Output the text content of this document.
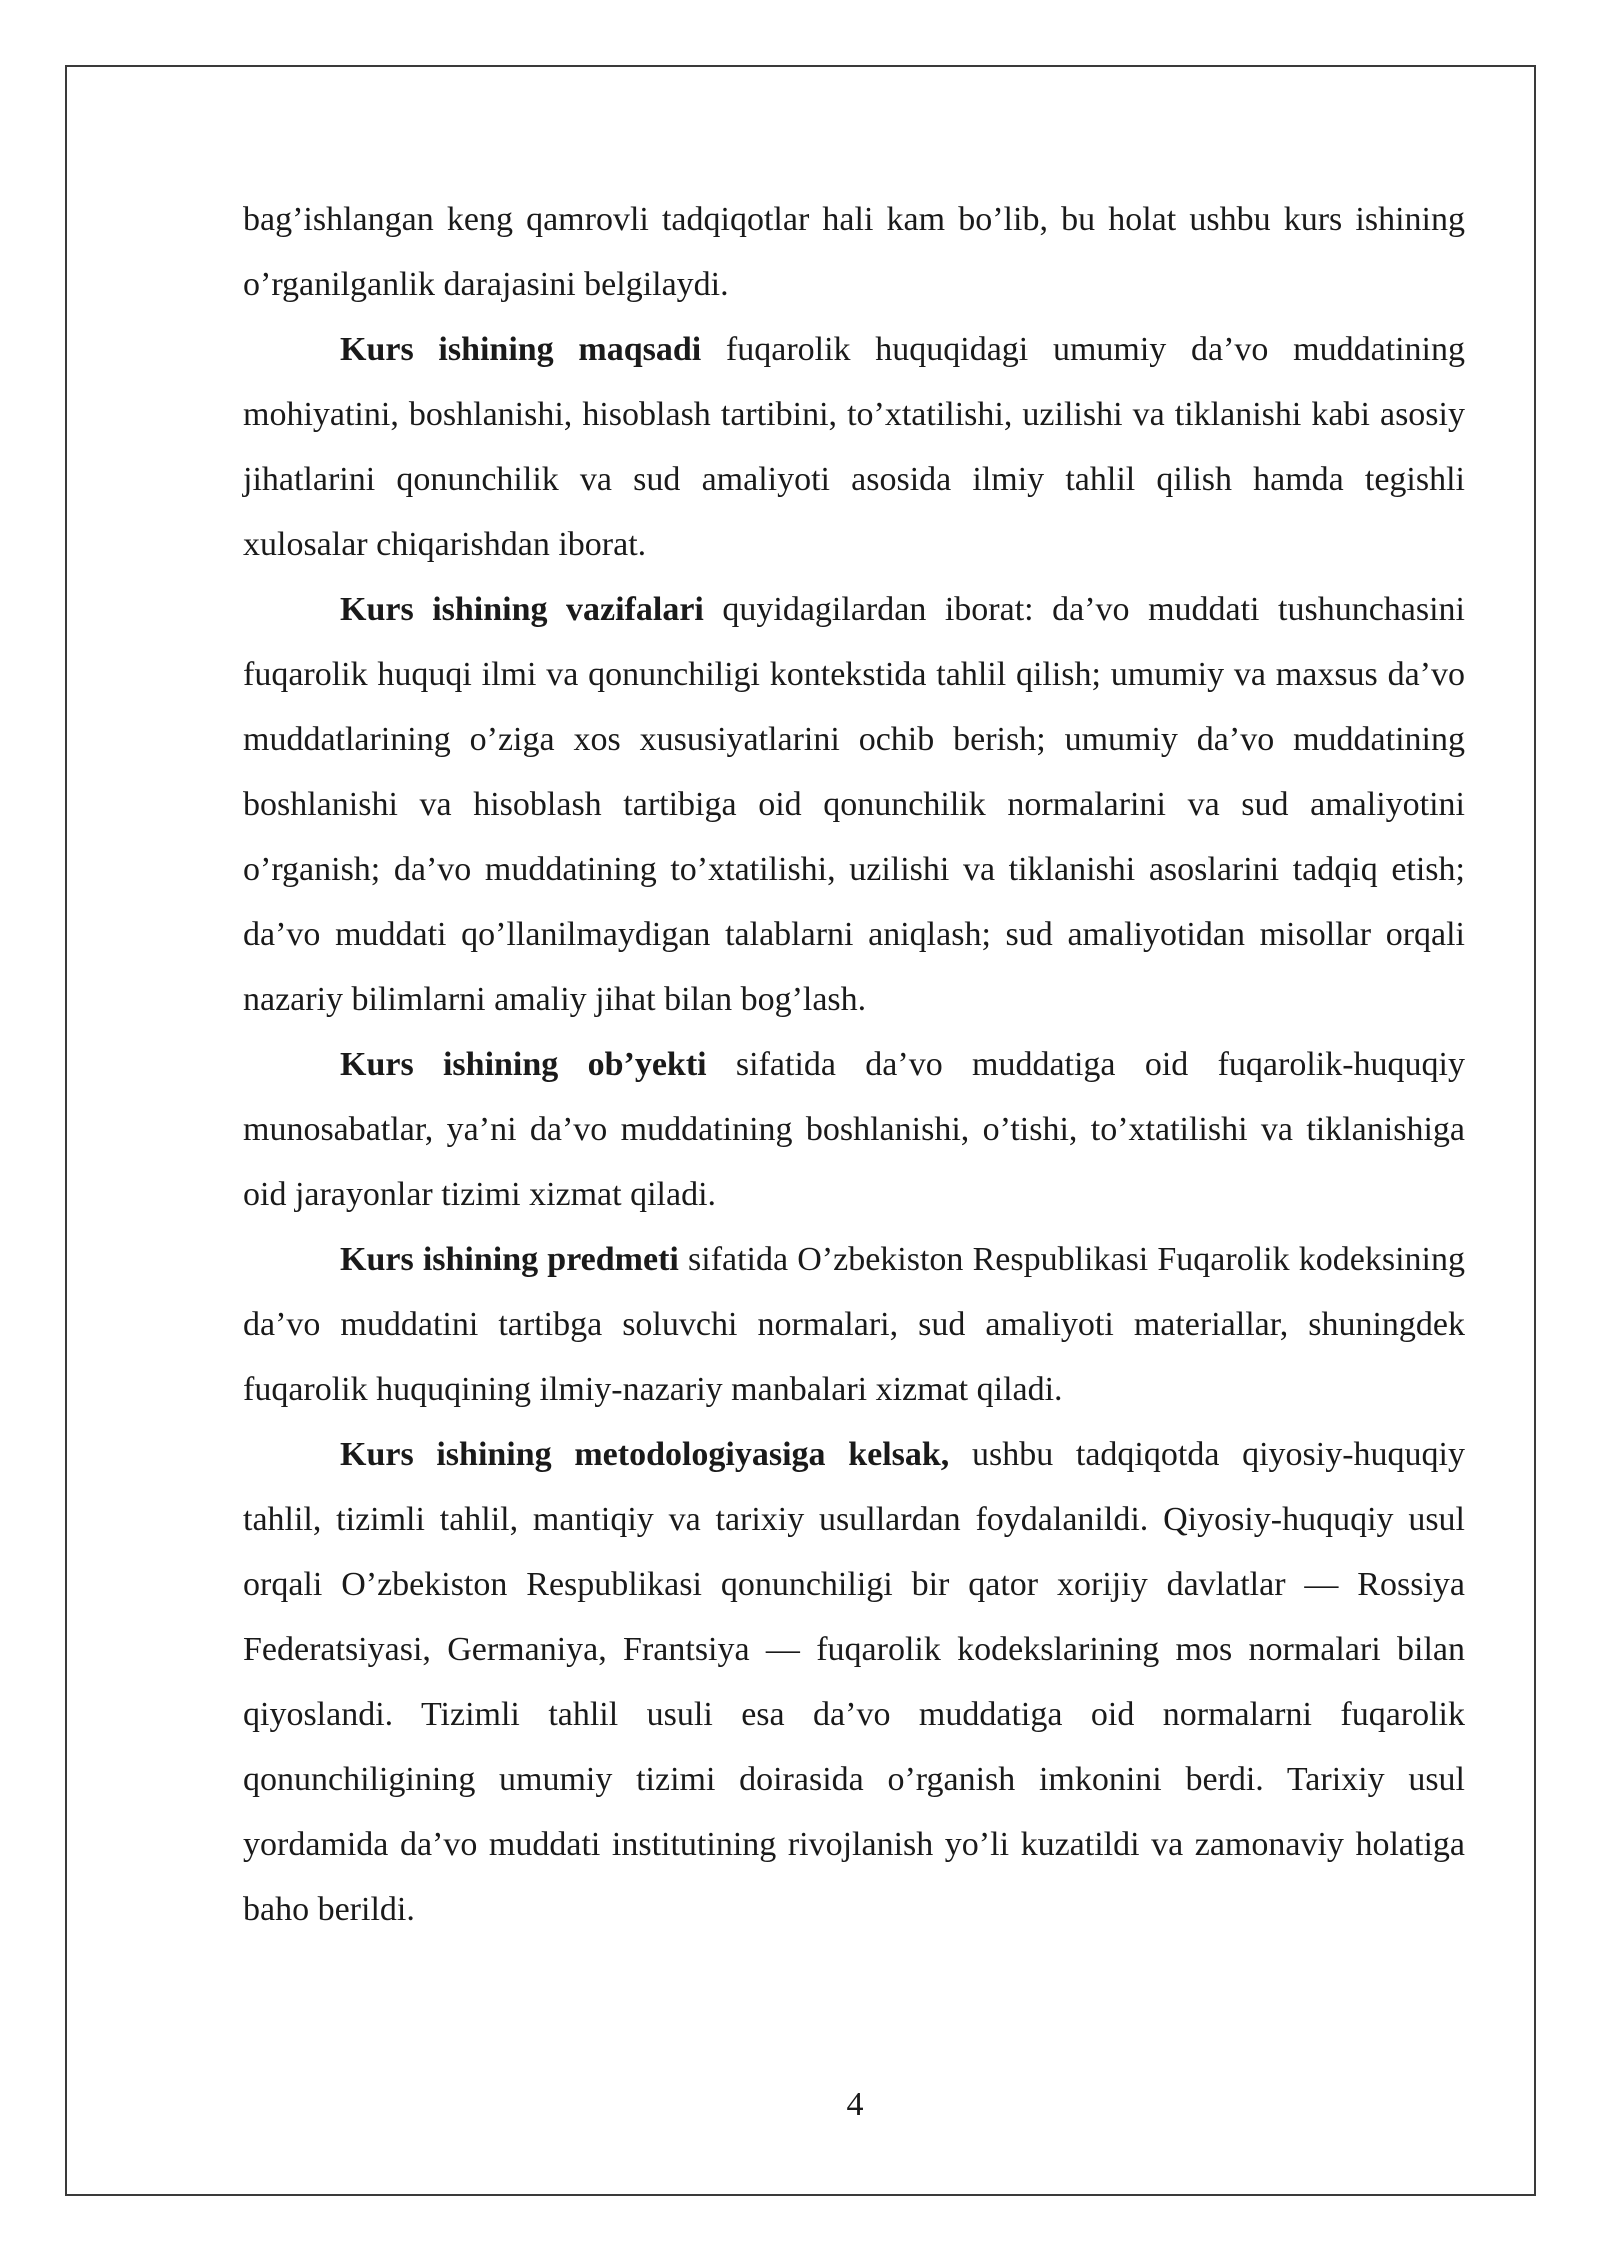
bag’ishlangan keng qamrovli tadqiqotlar hali kam bo’lib, bu holat ushbu kurs ishining o’rganilganlik darajasini belgilaydi.

Kurs ishining maqsadi fuqarolik huquqidagi umumiy da’vo muddatining mohiyatini, boshlanishi, hisoblash tartibini, to’xtatilishi, uzilishi va tiklanishi kabi asosiy jihatlarini qonunchilik va sud amaliyoti asosida ilmiy tahlil qilish hamda tegishli xulosalar chiqarishdan iborat.

Kurs ishining vazifalari quyidagilardan iborat: da’vo muddati tushunchasini fuqarolik huquqi ilmi va qonunchiligi kontekstida tahlil qilish; umumiy va maxsus da’vo muddatlarining o’ziga xos xususiyatlarini ochib berish; umumiy da’vo muddatining boshlanishi va hisoblash tartibiga oid qonunchilik normalarini va sud amaliyotini o’rganish; da’vo muddatining to’xtatilishi, uzilishi va tiklanishi asoslarini tadqiq etish; da’vo muddati qo’llanilmaydigan talablarni aniqlash; sud amaliyotidan misollar orqali nazariy bilimlarni amaliy jihat bilan bog’lash.

Kurs ishining ob’yekti sifatida da’vo muddatiga oid fuqarolik-huquqiy munosabatlar, ya’ni da’vo muddatining boshlanishi, o’tishi, to’xtatilishi va tiklanishiga oid jarayonlar tizimi xizmat qiladi.

Kurs ishining predmeti sifatida O’zbekiston Respublikasi Fuqarolik kodeksining da’vo muddatini tartibga soluvchi normalari, sud amaliyoti materiallar, shuningdek fuqarolik huquqining ilmiy-nazariy manbalari xizmat qiladi.

Kurs ishining metodologiyasiga kelsak, ushbu tadqiqotda qiyosiy-huquqiy tahlil, tizimli tahlil, mantiqiy va tarixiy usullardan foydalanildi. Qiyosiy-huquqiy usul orqali O’zbekiston Respublikasi qonunchiligi bir qator xorijiy davlatlar — Rossiya Federatsiyasi, Germaniya, Frantsiya — fuqarolik kodekslarining mos normalari bilan qiyoslandi. Tizimli tahlil usuli esa da’vo muddatiga oid normalarni fuqarolik qonunchiligining umumiy tizimi doirasida o’rganish imkonini berdi. Tarixiy usul yordamida da’vo muddati institutining rivojlanish yo’li kuzatildi va zamonaviy holatiga baho berildi.

4
